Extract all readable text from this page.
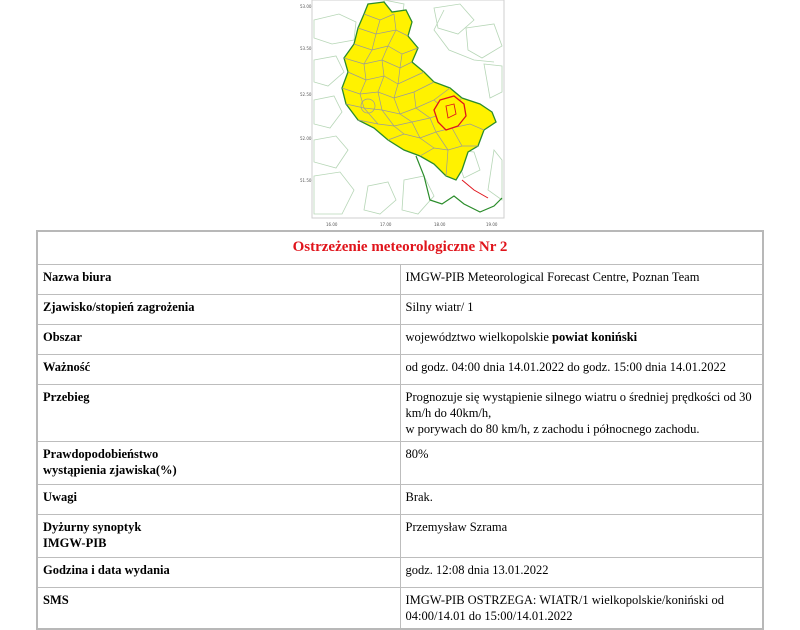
53.00
53.50
52.50
52.00
51.50
16.00	17.00	18.00	19.00
Ostrzeżenie meteorologiczne Nr 2	
Nazwa biura	IMGW-PIB Meteorological Forecast Centre, Poznan Team
Zjawisko/stopień zagrożenia	Silny wiatr/ 1
Obszar	województwo wielkopolskie powiat koniński
Ważność	od godz. 04:00 dnia 14.01.2022 do godz. 15:00 dnia 14.01.2022
Przebieg	Prognozuje się wystąpienie silnego wiatru o średniej prędkości od 30 km/h do 40km/h,
w porywach do 80 km/h, z zachodu i północnego zachodu.
Prawdopodobieństwo
wystąpienia zjawiska(%)	80%
Uwagi	Brak.
Dyżurny synoptyk
IMGW-PIB	Przemysław Szrama
Godzina i data wydania	godz. 12:08 dnia 13.01.2022
SMS	IMGW-PIB OSTRZEGA: WIATR/1 wielkopolskie/koniński od 04:00/14.01 do 15:00/14.01.2022
